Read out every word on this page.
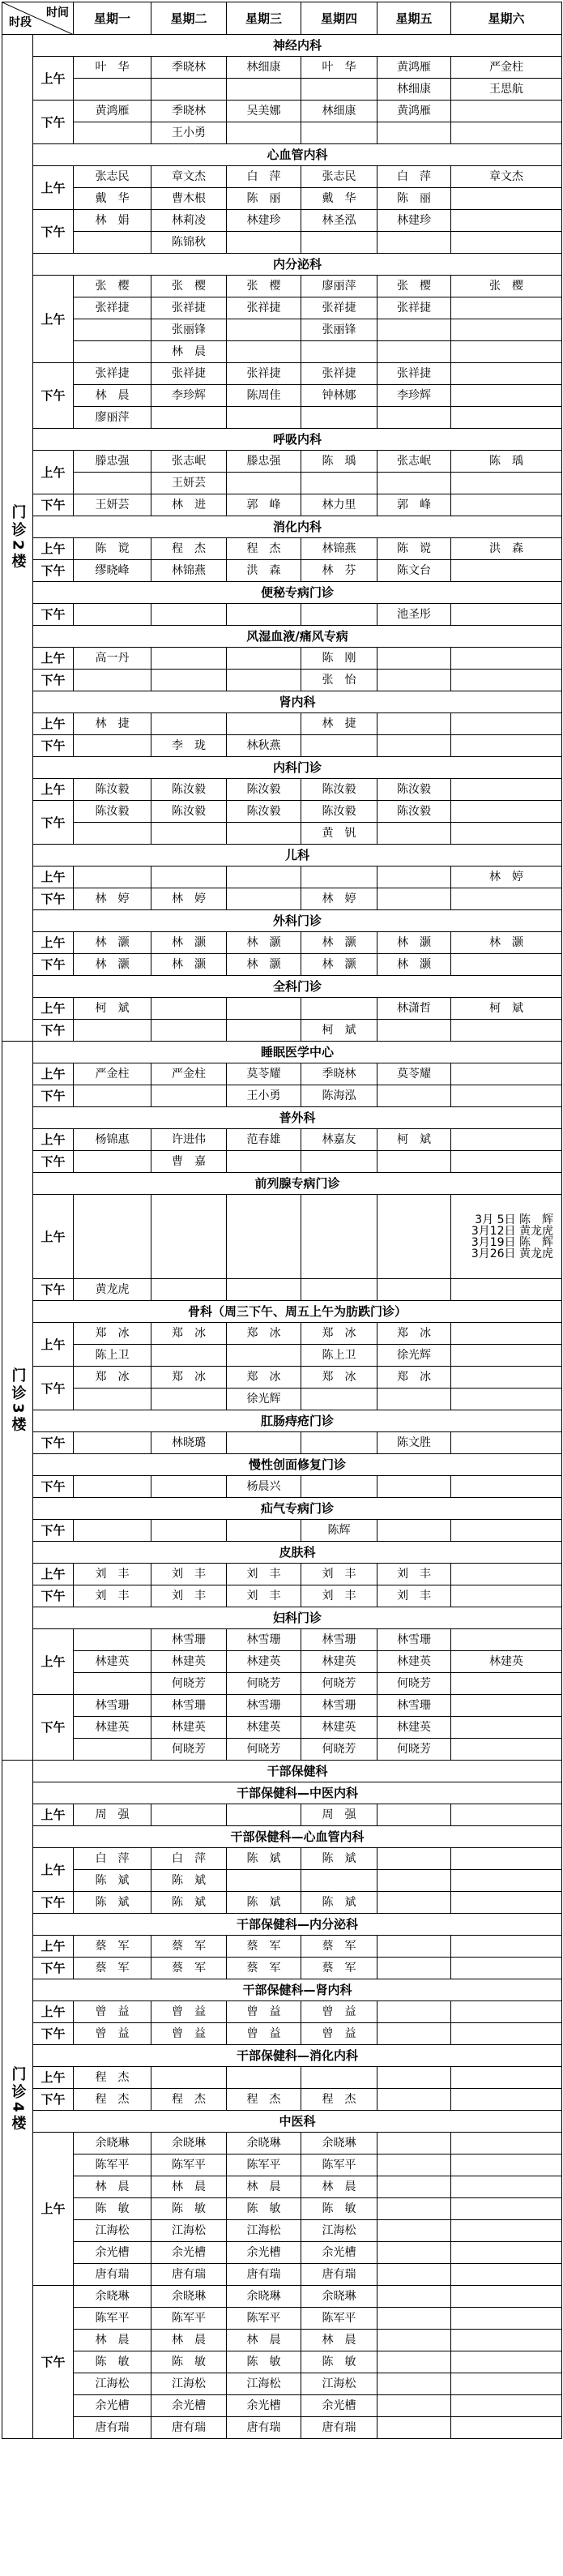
时间
时段		星期一	星期二	星期三	星期四	星期五	星期六
门诊2楼	神经内科						
	上午	叶　华	季晓林	林细康	叶　华	黄鸿雁	严金柱

						林细康	王思航

	下午	黄鸿雁	季晓林	吴美娜	林细康	黄鸿雁	

			王小勇				

	心血管内科						
	上午	张志民	章文杰	白　萍	张志民	白　萍	章文杰

		戴　华	曹木根	陈　丽	戴　华	陈　丽	

	下午	林　娟	林莉凌	林建珍	林圣泓	林建珍	

			陈锦秋				

	内分泌科						
	上午	张　樱	张　樱	张　樱	廖丽萍	张　樱	张　樱

		张祥捷	张祥捷	张祥捷	张祥捷	张祥捷	

			张丽锋		张丽锋		

			林　晨				

	下午	张祥捷	张祥捷	张祥捷	张祥捷	张祥捷	

		林　晨	李珍辉	陈周佳	钟林娜	李珍辉	

		廖丽萍					

	呼吸内科						
	上午	滕忠强	张志岷	滕忠强	陈　瑀	张志岷	陈　瑀

			王妍芸				

	下午	王妍芸	林　进	郭　峰	林力里	郭　峰	

	消化内科						
	上午	陈　谠	程　杰	程　杰	林锦燕	陈　谠	洪　森

	下午	缪晓峰	林锦燕	洪　森	林　芬	陈文台	

	便秘专病门诊						
	下午					池圣彤	

	风湿血液/痛风专病						
	上午	高一丹			陈　刚		

	下午				张　怡		

	肾内科						
	上午	林　捷			林　捷		

	下午		李　珑	林秋燕			

	内科门诊						
	上午	陈汝毅	陈汝毅	陈汝毅	陈汝毅	陈汝毅	

	下午	陈汝毅	陈汝毅	陈汝毅	陈汝毅	陈汝毅	

					黄　钒		

	儿科						
	上午						林　婷

	下午	林　婷	林　婷		林　婷		

	外科门诊						
	上午	林　灏	林　灏	林　灏	林　灏	林　灏	林　灏

	下午	林　灏	林　灏	林　灏	林　灏	林　灏	

	全科门诊						
	上午	柯　斌				林潇哲	柯　斌

	下午				柯　斌		

门诊3楼	睡眠医学中心						
	上午	严金柱	严金柱	莫苓耀	季晓林	莫苓耀	

	下午			王小勇	陈海泓		

	普外科						
	上午	杨锦惠	许进伟	范春雄	林嘉友	柯　斌	

	下午		曹　嘉				

	前列腺专病门诊						
	上午						3月 5日 陈　辉
3月12日 黄龙虎
3月19日 陈　辉
3月26日 黄龙虎

	下午	黄龙虎					

	骨科（周三下午、周五上午为肪跌门诊）						
	上午	郑　冰	郑　冰	郑　冰	郑　冰	郑　冰	

		陈上卫			陈上卫	徐光辉	

	下午	郑　冰	郑　冰	郑　冰	郑　冰	郑　冰	

				徐光辉			

	肛肠痔疮门诊						
	下午		林晓璐			陈文胜	

	慢性创面修复门诊						
	下午			杨晨兴			

	疝气专病门诊						
	下午				陈辉		

	皮肤科						
	上午	刘　丰	刘　丰	刘　丰	刘　丰	刘　丰	

	下午	刘　丰	刘　丰	刘　丰	刘　丰	刘　丰	

	妇科门诊						
	上午		林雪珊	林雪珊	林雪珊	林雪珊	

		林建英	林建英	林建英	林建英	林建英	林建英

			何晓芳	何晓芳	何晓芳	何晓芳	

	下午	林雪珊	林雪珊	林雪珊	林雪珊	林雪珊	

		林建英	林建英	林建英	林建英	林建英	

			何晓芳	何晓芳	何晓芳	何晓芳	

门诊4楼	干部保健科						
	干部保健科—中医内科						
	上午	周　强			周　强		

	干部保健科—心血管内科						
	上午	白　萍	白　萍	陈　斌	陈　斌		

		陈　斌	陈　斌				

	下午	陈　斌	陈　斌	陈　斌	陈　斌		

	干部保健科—内分泌科						
	上午	蔡　军	蔡　军	蔡　军	蔡　军		

	下午	蔡　军	蔡　军	蔡　军	蔡　军		

	干部保健科—肾内科						
	上午	曾　益	曾　益	曾　益	曾　益		

	下午	曾　益	曾　益	曾　益	曾　益		

	干部保健科—消化内科						
	上午	程　杰					

	下午	程　杰	程　杰	程　杰	程　杰		

	中医科						
	上午	余晓琳	余晓琳	余晓琳	余晓琳		

		陈军平	陈军平	陈军平	陈军平		

		林　晨	林　晨	林　晨	林　晨		

		陈　敏	陈　敏	陈　敏	陈　敏		

		江海松	江海松	江海松	江海松		

		余光槽	余光槽	余光槽	余光槽		

		唐有瑞	唐有瑞	唐有瑞	唐有瑞		

	下午	余晓琳	余晓琳	余晓琳	余晓琳		

		陈军平	陈军平	陈军平	陈军平		

		林　晨	林　晨	林　晨	林　晨		

		陈　敏	陈　敏	陈　敏	陈　敏		

		江海松	江海松	江海松	江海松		

		余光槽	余光槽	余光槽	余光槽		

		唐有瑞	唐有瑞	唐有瑞	唐有瑞		
